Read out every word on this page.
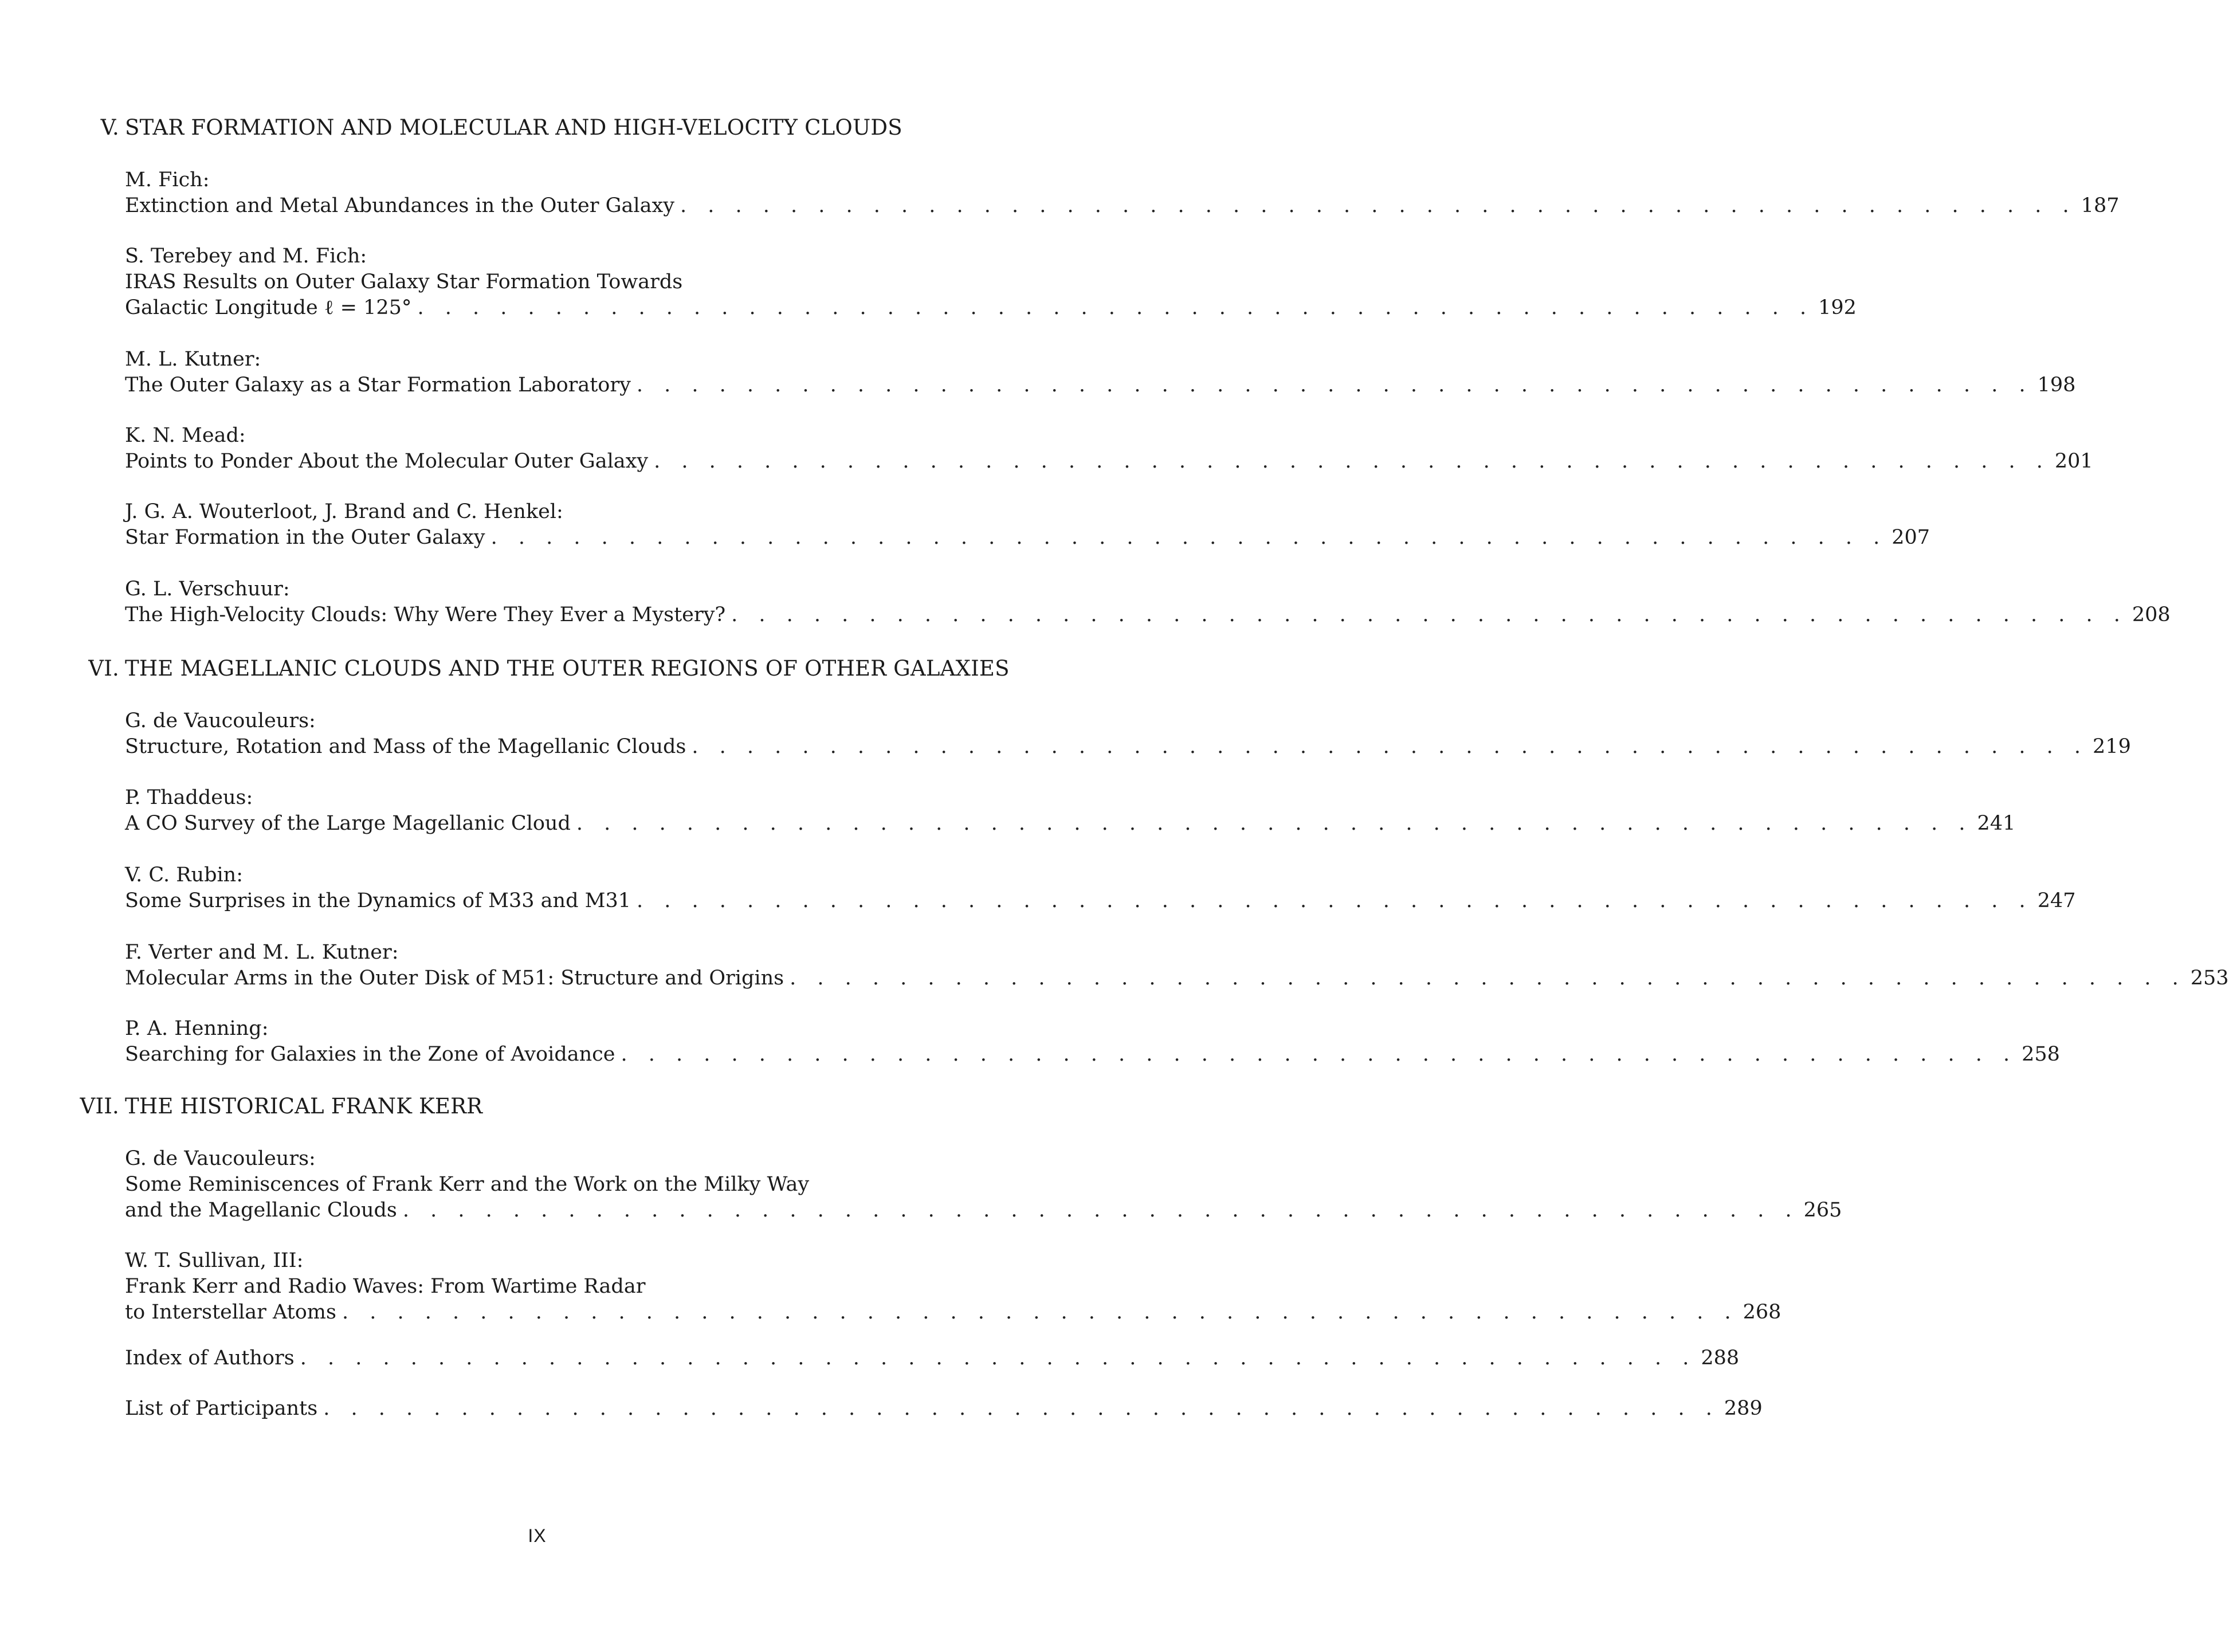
V. STAR FORMATION AND MOLECULAR AND HIGH-VELOCITY CLOUDS
M. Fich:
Extinction and Metal Abundances in the Outer Galaxy . . . . . . . . . . . . . . . . . . . . . . . . . . . . . . . . . . . . . . . . . . . . . . . . . . . 187
S. Terebey and M. Fich:
IRAS Results on Outer Galaxy Star Formation Towards
Galactic Longitude ℓ = 125° . . . . . . . . . . . . . . . . . . . . . . . . . . . . . . . . . . . . . . . . . . . . . . . . . . . 192
M. L. Kutner:
The Outer Galaxy as a Star Formation Laboratory . . . . . . . . . . . . . . . . . . . . . . . . . . . . . . . . . . . . . . . . . . . . . . . . . . . 198
K. N. Mead:
Points to Ponder About the Molecular Outer Galaxy . . . . . . . . . . . . . . . . . . . . . . . . . . . . . . . . . . . . . . . . . . . . . . . . . . . 201
J. G. A. Wouterloot, J. Brand and C. Henkel:
Star Formation in the Outer Galaxy . . . . . . . . . . . . . . . . . . . . . . . . . . . . . . . . . . . . . . . . . . . . . . . . . . . 207
G. L. Verschuur:
The High-Velocity Clouds: Why Were They Ever a Mystery? . . . . . . . . . . . . . . . . . . . . . . . . . . . . . . . . . . . . . . . . . . . . . . . . . . . 208
VI. THE MAGELLANIC CLOUDS AND THE OUTER REGIONS OF OTHER GALAXIES
G. de Vaucouleurs:
Structure, Rotation and Mass of the Magellanic Clouds . . . . . . . . . . . . . . . . . . . . . . . . . . . . . . . . . . . . . . . . . . . . . . . . . . . 219
P. Thaddeus:
A CO Survey of the Large Magellanic Cloud . . . . . . . . . . . . . . . . . . . . . . . . . . . . . . . . . . . . . . . . . . . . . . . . . . . 241
V. C. Rubin:
Some Surprises in the Dynamics of M33 and M31 . . . . . . . . . . . . . . . . . . . . . . . . . . . . . . . . . . . . . . . . . . . . . . . . . . . 247
F. Verter and M. L. Kutner:
Molecular Arms in the Outer Disk of M51: Structure and Origins . . . . . . . . . . . . . . . . . . . . . . . . . . . . . . . . . . . . . . . . . . . . . . . . . . . 253
P. A. Henning:
Searching for Galaxies in the Zone of Avoidance . . . . . . . . . . . . . . . . . . . . . . . . . . . . . . . . . . . . . . . . . . . . . . . . . . . 258
VII. THE HISTORICAL FRANK KERR
G. de Vaucouleurs:
Some Reminiscences of Frank Kerr and the Work on the Milky Way
and the Magellanic Clouds . . . . . . . . . . . . . . . . . . . . . . . . . . . . . . . . . . . . . . . . . . . . . . . . . . . 265
W. T. Sullivan, III:
Frank Kerr and Radio Waves: From Wartime Radar
to Interstellar Atoms . . . . . . . . . . . . . . . . . . . . . . . . . . . . . . . . . . . . . . . . . . . . . . . . . . . 268
Index of Authors . . . . . . . . . . . . . . . . . . . . . . . . . . . . . . . . . . . . . . . . . . . . . . . . . . . 288
List of Participants . . . . . . . . . . . . . . . . . . . . . . . . . . . . . . . . . . . . . . . . . . . . . . . . . . . 289
IX
